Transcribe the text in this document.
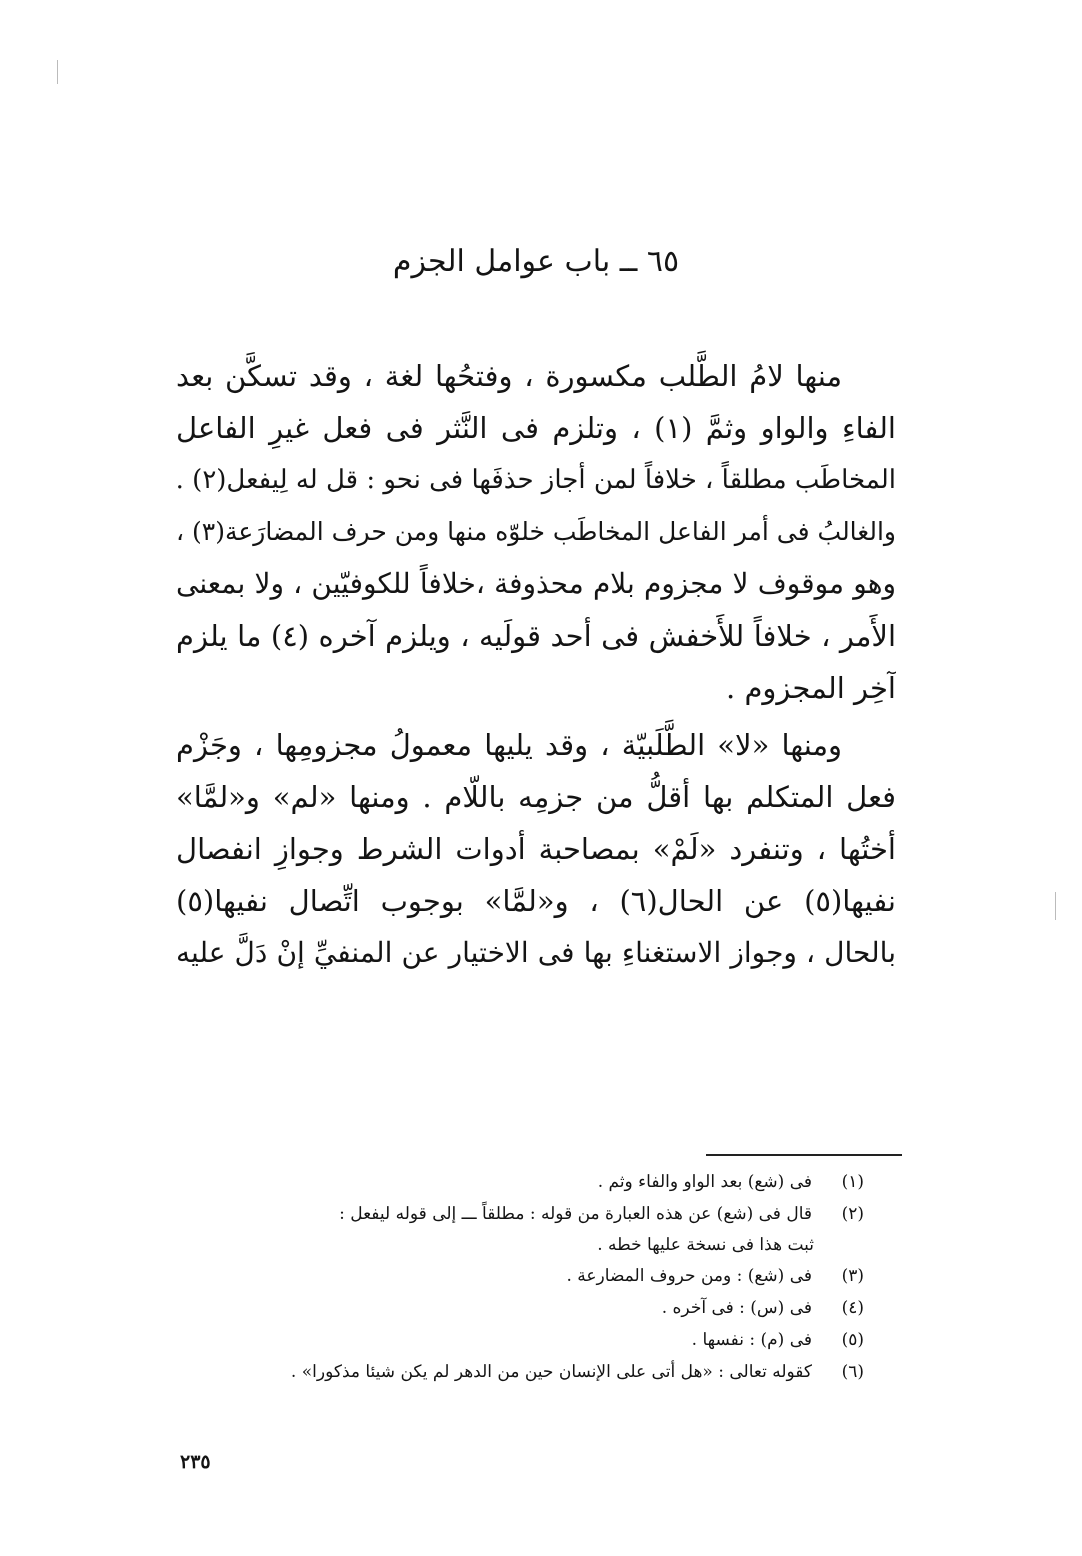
٦٥ ــ باب عوامل الجزم
منها لامُ الطَّلب مكسورة ، وفتحُها لغة ، وقد تسكَّن بعد
الفاءِ والواو وثمَّ (١) ، وتلزم فى النَّثر فى فعل غيرِ الفاعل
المخاطَب مطلقاً ، خلافاً لمن أجاز حذفَها فى نحو : قل له لِيفعل(٢) .
والغالبُ فى أمر الفاعل المخاطَب خلوّه منها ومن حرف المضارَعة(٣) ،
وهو موقوف لا مجزوم بلام محذوفة ،خلافاً للكوفيّين ، ولا بمعنى
الأَمر ، خلافاً للأَخفش فى أحد قولَيه ، ويلزم آخره (٤) ما يلزم
آخِر المجزوم .
ومنها «لا» الطَّلَبيّة ، وقد يليها معمولُ مجزومِها ، وجَزْم
فعل المتكلم بها أقلُّ من جزمِه باللّام . ومنها «لم» و«لمَّا»
أختُها ، وتنفرد «لَمْ» بمصاحبة أدوات الشرط وجوازِ انفصال
نفيها(٥) عن الحال(٦) ، و«لمَّا» بوجوب اتِّصال نفيها(٥)
بالحال ، وجواز الاستغناءِ بها فى الاختيار عن المنفيِّ إنْ دَلَّ عليه
(١)فى (شع) بعد الواو والفاء وثم .
(٢)قال فى (شع) عن هذه العبارة من قوله : مطلقاً ـــ إلى قوله ليفعل :
ثبت هذا فى نسخة عليها خطه .
(٣)فى (شع) : ومن حروف المضارعة .
(٤)فى (س) : فى آخره .
(٥)فى (م) : نفسها .
(٦)كقوله تعالى : «هل أتى على الإنسان حين من الدهر لم يكن شيئا مذكورا» .
٢٣٥
